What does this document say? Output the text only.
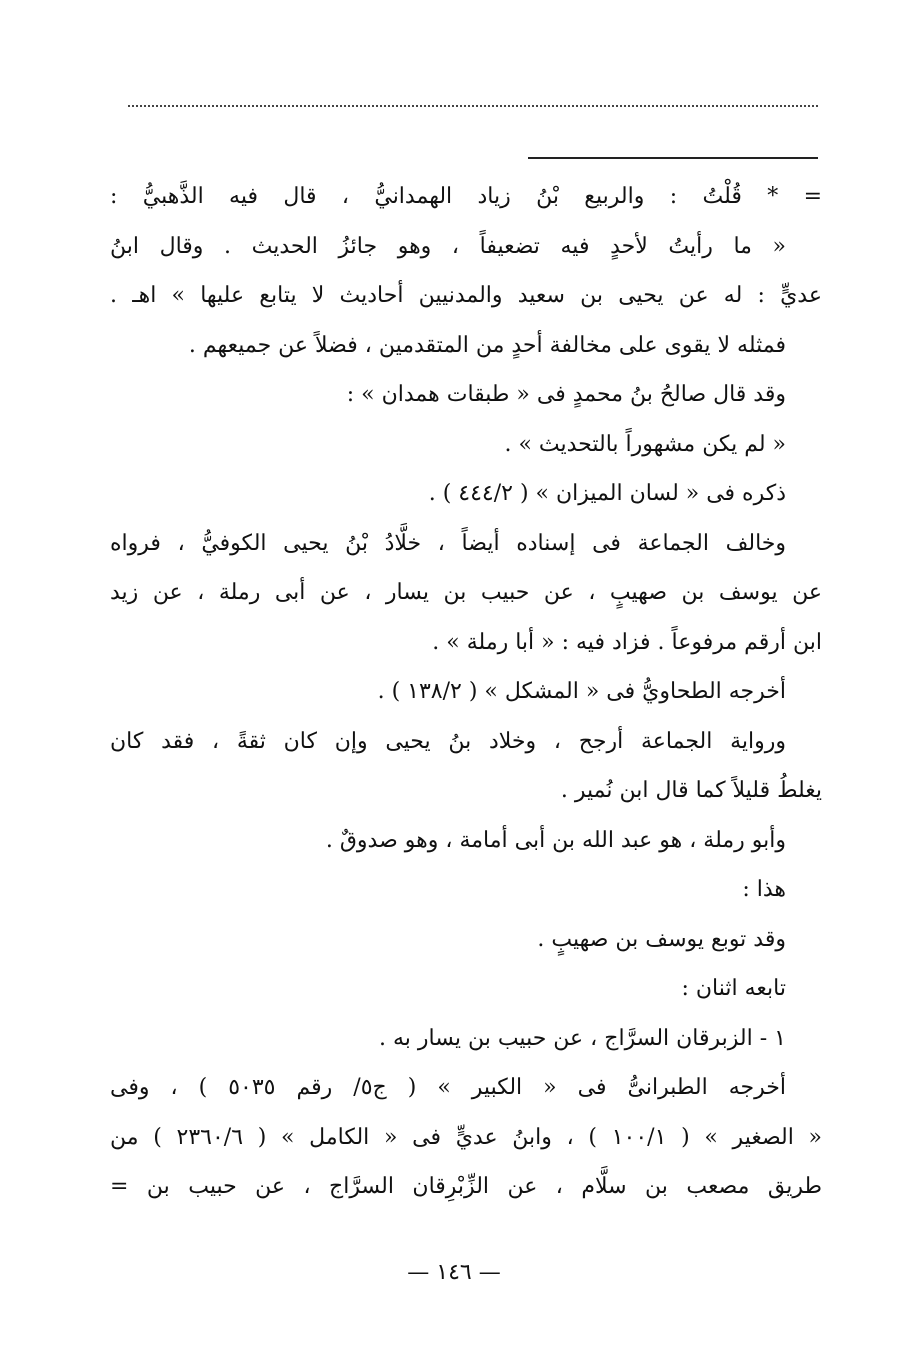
= * قُلْتُ : والربيع بْنُ زياد الهمدانيُّ ، قال فيه الذَّهبيُّ :
« ما رأيتُ لأحدٍ فيه تضعيفاً ، وهو جائزُ الحديث . وقال ابنُ
عديٍّ : له عن يحيى بن سعيد والمدنيين أحاديث لا يتابع عليها » اهـ .
فمثله لا يقوى على مخالفة أحدٍ من المتقدمين ، فضلاً عن جميعهم .
وقد قال صالحُ بنُ محمدٍ فى « طبقات همدان » :
« لم يكن مشهوراً بالتحديث » .
ذكره فى « لسان الميزان » ( ٤٤٤/٢ ) .
وخالف الجماعة فى إسناده أيضاً ، خلَّادُ بْنُ يحيى الكوفيُّ ، فرواه
عن يوسف بن صهيبٍ ، عن حبيب بن يسار ، عن أبى رملة ، عن زيد
ابن أرقم مرفوعاً . فزاد فيه : « أبا رملة » .
أخرجه الطحاويُّ فى « المشكل » ( ١٣٨/٢ ) .
ورواية الجماعة أرجح ، وخلاد بنُ يحيى وإن كان ثقةً ، فقد كان
يغلطُ قليلاً كما قال ابن نُمير .
وأبو رملة ، هو عبد الله بن أبى أمامة ، وهو صدوقٌ .
هذا :
وقد توبع يوسف بن صهيبٍ .
تابعه اثنان :
١ - الزبرقان السرَّاج ، عن حبيب بن يسار به .
أخرجه الطبرانىُّ فى « الكبير » ( ج٥/ رقم ٥٠٣٥ ) ، وفى
« الصغير » ( ١٠٠/١ ) ، وابنُ عديٍّ فى « الكامل » ( ٢٣٦٠/٦ ) من
طريق مصعب بن سلَّام ، عن الزِّبْرِقان السرَّاج ، عن حبيب بن =
— ١٤٦ —
